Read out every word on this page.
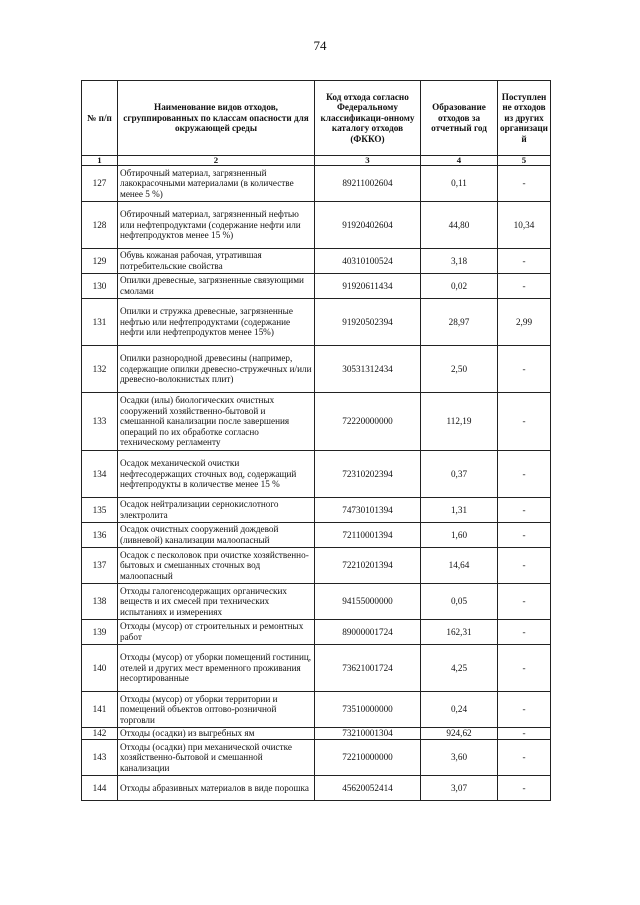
74
№ п/п	Наименование видов отходов, сгруппированных по классам опасности для окружающей среды	Код отхода согласно Федеральному классификаци-онному каталогу отходов (ФККО)	Образование отходов за отчетный год	Поступлен не отходов из других организаци й
1	2	3	4	5
127	Обтирочный материал, загрязненный лакокрасочными материалами (в количестве менее 5 %)	89211002604	0,11	-
128	Обтирочный материал, загрязненный нефтью или нефтепродуктами (содержание нефти или нефтепродуктов менее 15 %)	91920402604	44,80	10,34
129	Обувь кожаная рабочая, утратившая потребительские свойства	40310100524	3,18	-
130	Опилки древесные, загрязненные связующими смолами	91920611434	0,02	-
131	Опилки и стружка древесные, загрязненные нефтью или нефтепродуктами (содержание нефти или нефтепродуктов менее 15%)	91920502394	28,97	2,99
132	Опилки разнородной древесины (например, содержащие опилки древесно-стружечных и/или древесно-волокнистых плит)	30531312434	2,50	-
133	Осадки (илы) биологических очистных сооружений хозяйственно-бытовой и смешанной канализации после завершения операций по их обработке согласно техническому регламенту	72220000000	112,19	-
134	Осадок механической очистки нефтесодержащих сточных вод, содержащий нефтепродукты в количестве менее 15 %	72310202394	0,37	-
135	Осадок нейтрализации сернокислотного электролита	74730101394	1,31	-
136	Осадок очистных сооружений дождевой (ливневой) канализации малоопасный	72110001394	1,60	-
137	Осадок с песколовок при очистке хозяйственно-бытовых и смешанных сточных вод малоопасный	72210201394	14,64	-
138	Отходы галогенсодержащих органических веществ и их смесей при технических испытаниях и измерениях	94155000000	0,05	-
139	Отходы (мусор) от строительных и ремонтных работ	89000001724	162,31	-
140	Отходы (мусор) от уборки помещений гостиниц, отелей и других мест временного проживания несортированные	73621001724	4,25	-
141	Отходы (мусор) от уборки территории и помещений объектов оптово-розничной торговли	73510000000	0,24	-
142	Отходы (осадки) из выгребных ям	73210001304	924,62	-
143	Отходы (осадки) при механической очистке хозяйственно-бытовой и смешанной канализации	72210000000	3,60	-
144	Отходы абразивных материалов в виде порошка	45620052414	3,07	-
